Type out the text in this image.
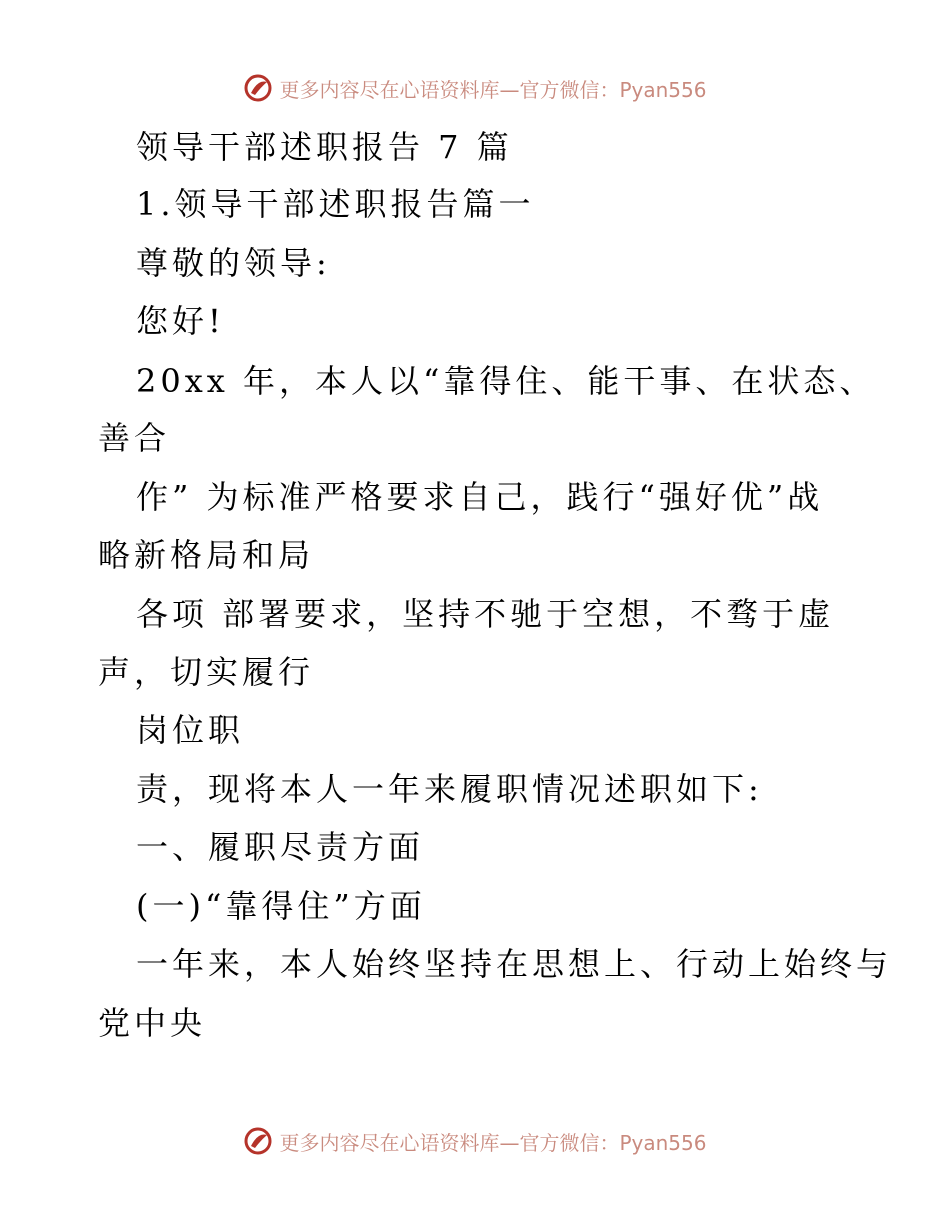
更多内容尽在心语资料库—官方微信：Pyan556
领导干部述职报告 7 篇
1.领导干部述职报告篇一
尊敬的领导:
您好!
20xx 年，本人以“靠得住、能干事、在状态、
善合
作” 为标准严格要求自己，践行“强好优”战
略新格局和局
各项 部署要求，坚持不驰于空想，不骛于虚
声，切实履行
岗位职
责，现将本人一年来履职情况述职如下:
一、履职尽责方面
(一)“靠得住”方面
一年来，本人始终坚持在思想上、行动上始终与
党中央
更多内容尽在心语资料库—官方微信：Pyan556
